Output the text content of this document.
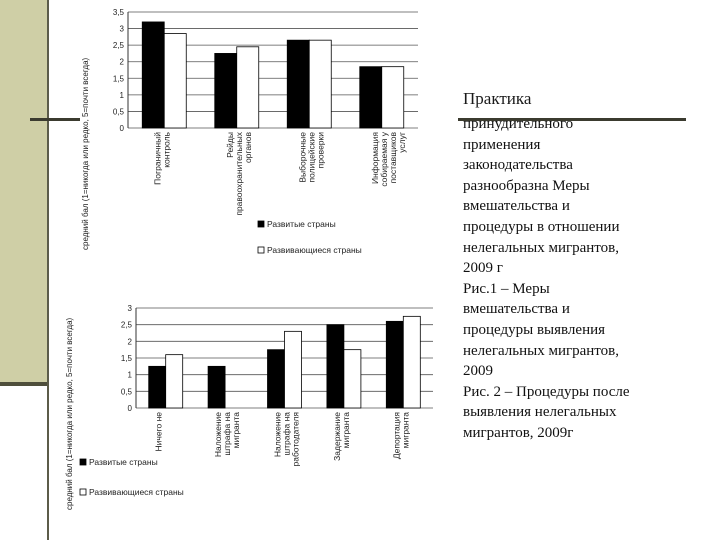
0
0,5
1
1,5
2
2,5
3
3,5
средний бал (1=никогда или редко, 5=почти всегда)	Пограничный контроль	Рейды правоохранительных органов	Выборочные полицейские проверки	Информация собираемая у поставщиков услуг
Развитые страны
Развивающиеся страны
0
0,5
1
1,5
2
2,5
3
средний бал (1=никогда или редко, 5=почти всегда)	Ничего не	Наложение штрафа на мигранта	Наложение штрафа на работодателя	Задержание мигранта	Депортация мигранта
Развитые страны
Развивающиеся страны
Практика
принудительного
применения
законодательства
разнообразна Меры
вмешательства и
процедуры в отношении
нелегальных мигрантов,
2009 г
Рис.1 – Меры
вмешательства и
процедуры выявления
нелегальных мигрантов,
2009
Рис. 2 – Процедуры после
выявления нелегальных
мигрантов, 2009г
